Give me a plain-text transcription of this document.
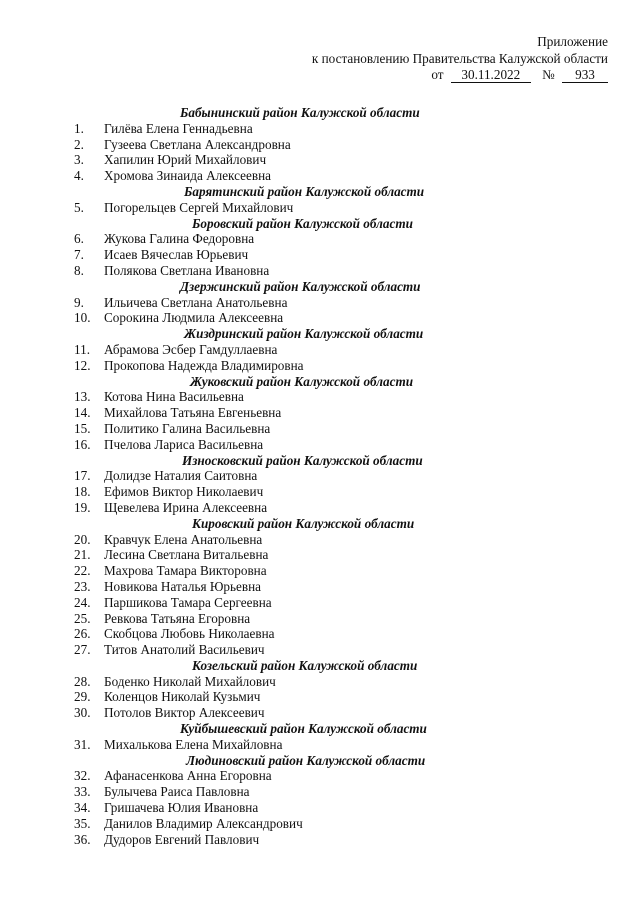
Приложение
к постановлению Правительства Калужской области
от 30.11.2022 № 933
Бабынинский район Калужской области
1.	Гилёва Елена Геннадьевна
2.	Гузеева Светлана Александровна
3.	Хапилин Юрий Михайлович
4.	Хромова Зинаида Алексеевна
Барятинский район Калужской области
5.	Погорельцев Сергей Михайлович
Боровский район Калужской области
6.	Жукова Галина Федоровна
7.	Исаев Вячеслав Юрьевич
8.	Полякова Светлана Ивановна
Дзержинский район Калужской области
9.	Ильичева Светлана Анатольевна
10.	Сорокина Людмила Алексеевна
Жиздринский район Калужской области
11.	Абрамова Эсбер Гамдуллаевна
12.	Прокопова Надежда Владимировна
Жуковский район Калужской области
13.	Котова Нина Васильевна
14.	Михайлова Татьяна Евгеньевна
15.	Политико Галина Васильевна
16.	Пчелова Лариса Васильевна
Износковский район Калужской области
17.	Долидзе Наталия Саитовна
18.	Ефимов Виктор Николаевич
19.	Щевелева Ирина Алексеевна
Кировский район Калужской области
20.	Кравчук Елена Анатольевна
21.	Лесина Светлана Витальевна
22.	Махрова Тамара Викторовна
23.	Новикова Наталья Юрьевна
24.	Паршикова Тамара Сергеевна
25.	Ревкова Татьяна Егоровна
26.	Скобцова Любовь Николаевна
27.	Титов Анатолий Васильевич
Козельский район Калужской области
28.	Боденко Николай Михайлович
29.	Коленцов Николай Кузьмич
30.	Потолов Виктор Алексеевич
Куйбышевский район Калужской области
31.	Михалькова Елена Михайловна
Людиновский район Калужской области
32.	Афанасенкова Анна Егоровна
33.	Булычева Раиса Павловна
34.	Гришачева Юлия Ивановна
35.	Данилов Владимир Александрович
36.	Дудоров Евгений Павлович
